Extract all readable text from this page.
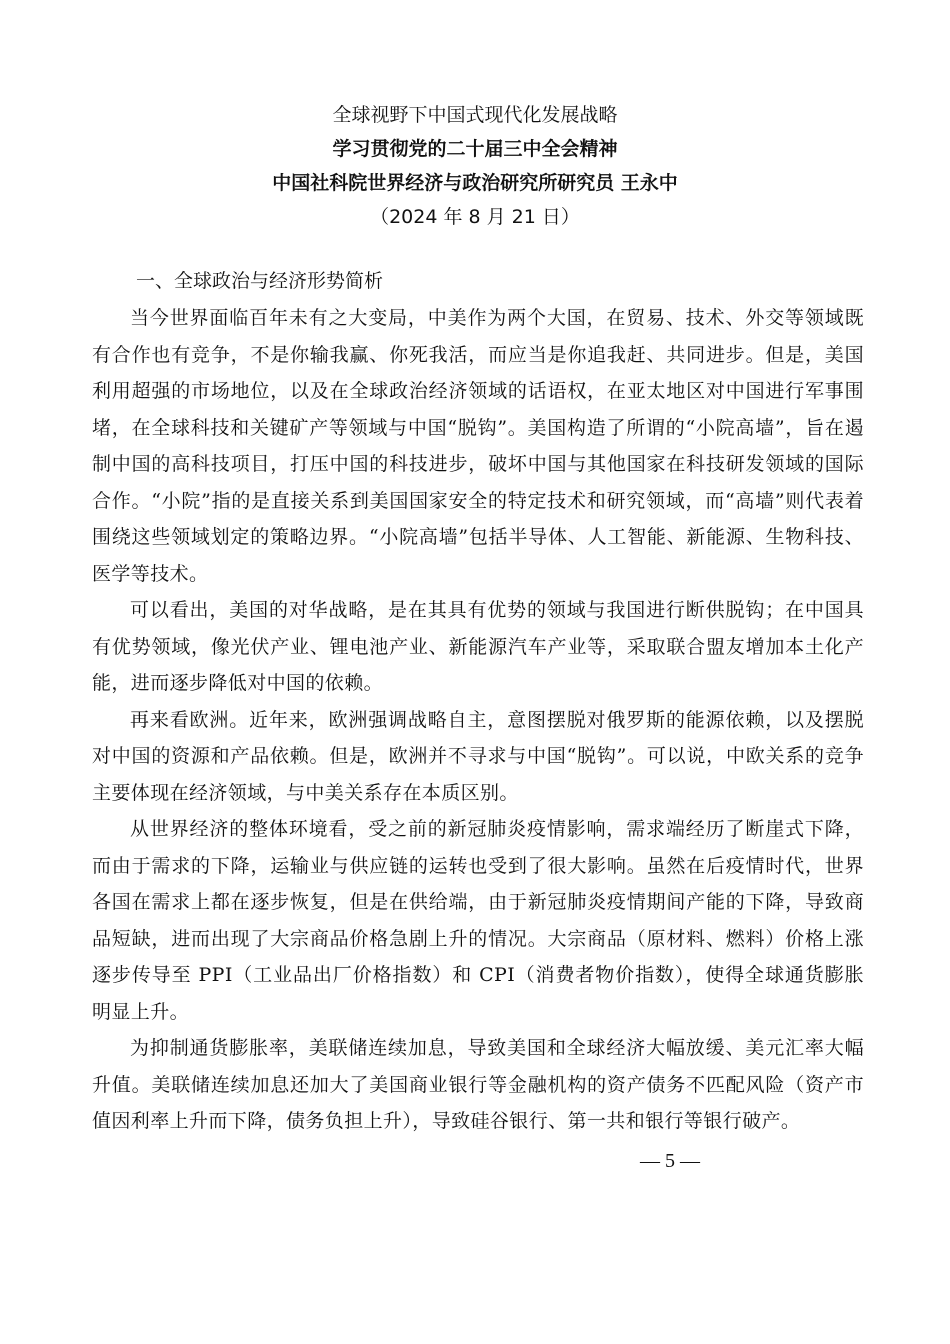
全球视野下中国式现代化发展战略
学习贯彻党的二十届三中全会精神
中国社科院世界经济与政治研究所研究员 王永中
（2024 年 8 月 21 日）
一、全球政治与经济形势简析

当今世界面临百年未有之大变局，中美作为两个大国，在贸易、技术、外交等领域既有合作也有竞争，不是你输我赢、你死我活，而应当是你追我赶、共同进步。但是，美国利用超强的市场地位，以及在全球政治经济领域的话语权，在亚太地区对中国进行军事围堵，在全球科技和关键矿产等领域与中国“脱钩”。美国构造了所谓的“小院高墙”，旨在遏制中国的高科技项目，打压中国的科技进步，破坏中国与其他国家在科技研发领域的国际合作。“小院”指的是直接关系到美国国家安全的特定技术和研究领域，而“高墙”则代表着围绕这些领域划定的策略边界。“小院高墙”包括半导体、人工智能、新能源、生物科技、医学等技术。

可以看出，美国的对华战略，是在其具有优势的领域与我国进行断供脱钩；在中国具有优势领域，像光伏产业、锂电池产业、新能源汽车产业等，采取联合盟友增加本土化产能，进而逐步降低对中国的依赖。

再来看欧洲。近年来，欧洲强调战略自主，意图摆脱对俄罗斯的能源依赖，以及摆脱对中国的资源和产品依赖。但是，欧洲并不寻求与中国“脱钩”。可以说，中欧关系的竞争主要体现在经济领域，与中美关系存在本质区别。

从世界经济的整体环境看，受之前的新冠肺炎疫情影响，需求端经历了断崖式下降，而由于需求的下降，运输业与供应链的运转也受到了很大影响。虽然在后疫情时代，世界各国在需求上都在逐步恢复，但是在供给端，由于新冠肺炎疫情期间产能的下降，导致商品短缺，进而出现了大宗商品价格急剧上升的情况。大宗商品（原材料、燃料）价格上涨逐步传导至 PPI（工业品出厂价格指数）和 CPI（消费者物价指数），使得全球通货膨胀明显上升。

为抑制通货膨胀率，美联储连续加息，导致美国和全球经济大幅放缓、美元汇率大幅升值。美联储连续加息还加大了美国商业银行等金融机构的资产债务不匹配风险（资产市值因利率上升而下降，债务负担上升），导致硅谷银行、第一共和银行等银行破产。

— 5 —
